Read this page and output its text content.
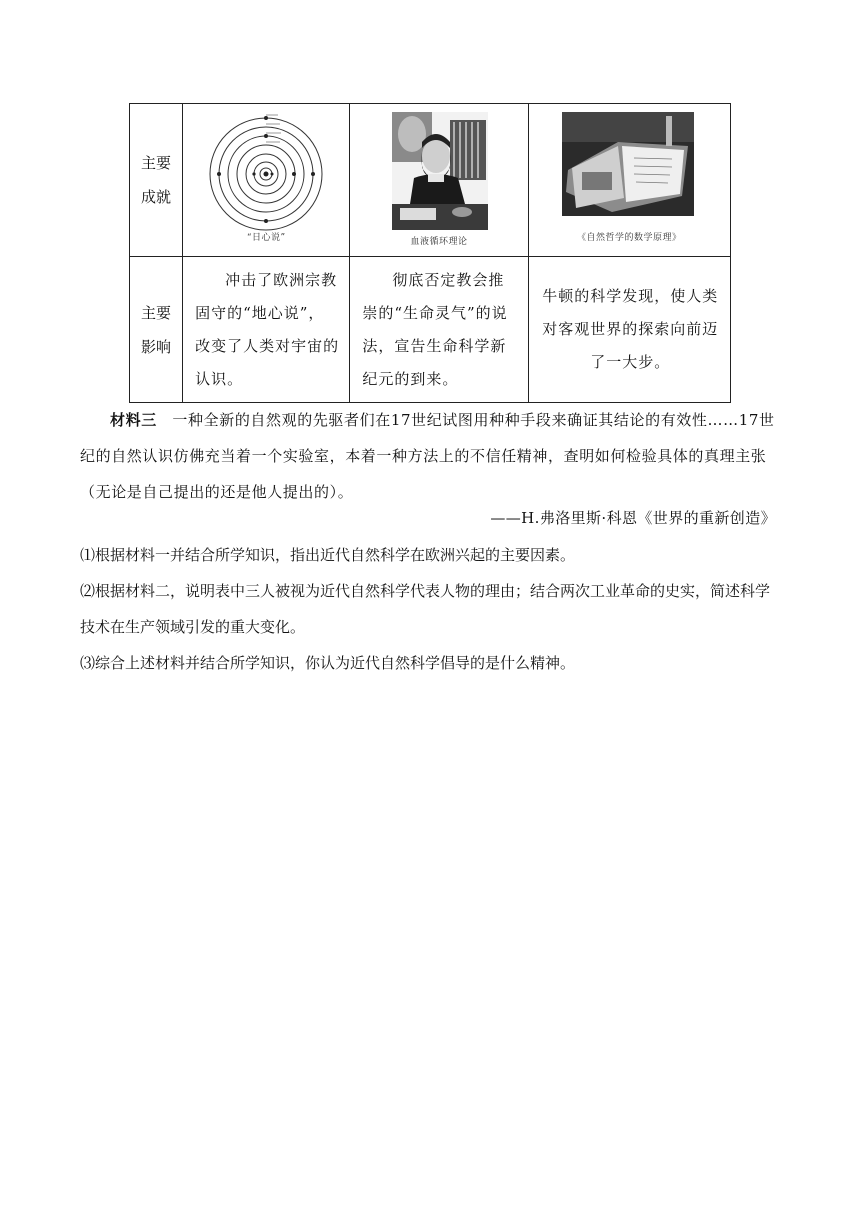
主要
成就	“日心说”	血液循环理论	《自然哲学的数学原理》

主要
影响	冲击了欧洲宗教固守的“地心说”，改变了人类对宇宙的认识。	彻底否定教会推崇的“生命灵气”的说法，宣告生命科学新纪元的到来。	牛顿的科学发现，使人类对客观世界的探索向前迈了一大步。
材料三　 一种全新的自然观的先驱者们在17世纪试图用种种手段来确证其结论的有效性……17世纪的自然认识仿佛充当着一个实验室，本着一种方法上的不信任精神，查明如何检验具体的真理主张（无论是自己提出的还是他人提出的）。
——H.弗洛里斯·科恩《世界的重新创造》
⑴根据材料一并结合所学知识，指出近代自然科学在欧洲兴起的主要因素。
⑵根据材料二，说明表中三人被视为近代自然科学代表人物的理由；结合两次工业革命的史实，简述科学技术在生产领域引发的重大变化。
⑶综合上述材料并结合所学知识，你认为近代自然科学倡导的是什么精神。
